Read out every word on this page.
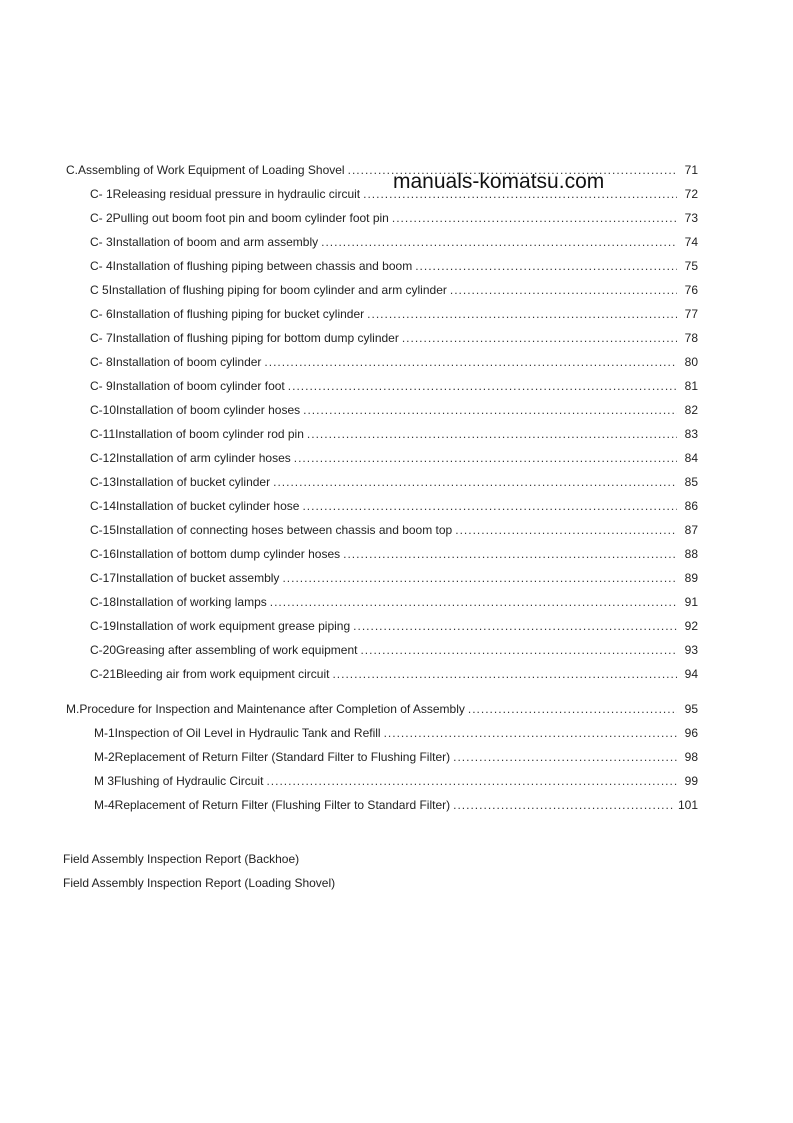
C. Assembling of Work Equipment of Loading Shovel .....	71
C- 1 Releasing residual pressure in hydraulic circuit .....	72
C- 2 Pulling out boom foot pin and boom cylinder foot pin .....	73
C- 3 Installation of boom and arm assembly .....	74
C- 4 Installation of flushing piping between chassis and boom .....	75
C 5 Installation of flushing piping for boom cylinder and arm cylinder .....	76
C- 6 Installation of flushing piping for bucket cylinder .....	77
C- 7 Installation of flushing piping for bottom dump cylinder .....	78
C- 8 Installation of boom cylinder .....	80
C- 9 Installation of boom cylinder foot .....	81
C-10 Installation of boom cylinder hoses .....	82
C-11 Installation of boom cylinder rod pin .....	83
C-12 Installation of arm cylinder hoses .....	84
C-13 Installation of bucket cylinder .....	85
C-14 Installation of bucket cylinder hose .....	86
C-15 Installation of connecting hoses between chassis and boom top .....	87
C-16 Installation of bottom dump cylinder hoses .....	88
C-17 Installation of bucket assembly .....	89
C-18 Installation of working lamps .....	91
C-19 Installation of work equipment grease piping .....	92
C-20 Greasing after assembling of work equipment .....	93
C-21 Bleeding air from work equipment circuit .....	94
M. Procedure for Inspection and Maintenance after Completion of Assembly .....	95
M-1 Inspection of Oil Level in Hydraulic Tank and Refill .....	96
M-2 Replacement of Return Filter (Standard Filter to Flushing Filter) .....	98
M 3 Flushing of Hydraulic Circuit .....	99
M-4 Replacement of Return Filter (Flushing Filter to Standard Filter) .....	101
Field Assembly Inspection Report (Backhoe)
Field Assembly Inspection Report (Loading Shovel)
manuals-komatsu.com
